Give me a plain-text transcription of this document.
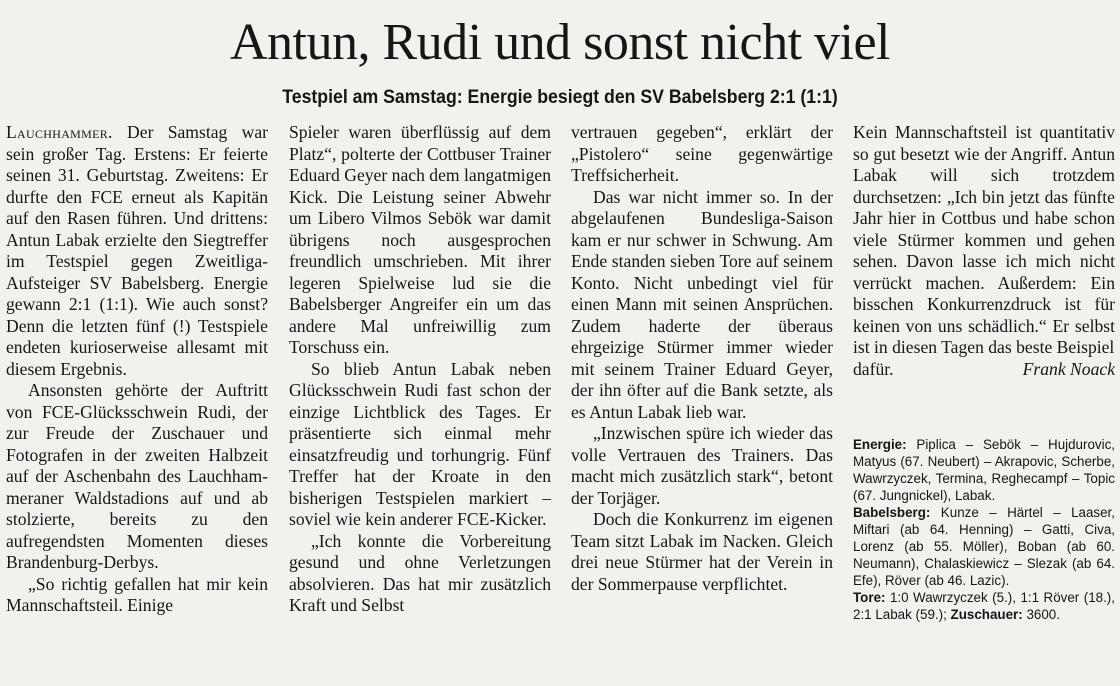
Antun, Rudi und sonst nicht viel
Testpiel am Samstag: Energie besiegt den SV Babelsberg 2:1 (1:1)

Lauchhammer. Der Samstag war sein großer Tag. Erstens: Er feierte seinen 31. Geburtstag. Zweitens: Er durfte den FCE erneut als Kapitän auf den Rasen führen. Und drittens: Antun Labak erzielte den Siegtreffer im Testspiel gegen Zweitliga-Aufsteiger SV Babelsberg. Energie gewann 2:1 (1:1). Wie auch sonst? Denn die letzten fünf (!) Testspiele endeten kurioserweise allesamt mit diesem Ergebnis.

Ansonsten gehörte der Auftritt von FCE-Glücksschwein Rudi, der zur Freude der Zuschauer und Fotografen in der zweiten Halbzeit auf der Aschenbahn des Lauchhammeraner Waldstadions auf und ab stolzierte, bereits zu den aufregendsten Momenten dieses Brandenburg-Derbys.

„So richtig gefallen hat mir kein Mannschaftsteil. Einige

Spieler waren überflüssig auf dem Platz“, polterte der Cottbuser Trainer Eduard Geyer nach dem langatmigen Kick. Die Leistung seiner Abwehr um Libero Vilmos Sebök war damit übrigens noch ausgesprochen freundlich umschrieben. Mit ihrer legeren Spielweise lud sie die Babelsberger Angreifer ein um das andere Mal unfreiwillig zum Torschuss ein.

So blieb Antun Labak neben Glücksschwein Rudi fast schon der einzige Lichtblick des Tages. Er präsentierte sich einmal mehr einsatzfreudig und torhungrig. Fünf Treffer hat der Kroate in den bisherigen Testspielen markiert – soviel wie kein anderer FCE-Kicker.

„Ich konnte die Vorbereitung gesund und ohne Verletzungen absolvieren. Das hat mir zusätzlich Kraft und Selbst

vertrauen gegeben“, erklärt der „Pistolero“ seine gegenwärtige Treffsicherheit.

Das war nicht immer so. In der abgelaufenen Bundesliga-Saison kam er nur schwer in Schwung. Am Ende standen sieben Tore auf seinem Konto. Nicht unbedingt viel für einen Mann mit seinen Ansprüchen. Zudem haderte der überaus ehrgeizige Stürmer immer wieder mit seinem Trainer Eduard Geyer, der ihn öfter auf die Bank setzte, als es Antun Labak lieb war.

„Inzwischen spüre ich wieder das volle Vertrauen des Trainers. Das macht mich zusätzlich stark“, betont der Torjäger.

Doch die Konkurrenz im eigenen Team sitzt Labak im Nacken. Gleich drei neue Stürmer hat der Verein in der Sommerpause verpflichtet.

Kein Mannschaftsteil ist quantitativ so gut besetzt wie der Angriff. Antun Labak will sich trotzdem durchsetzen: „Ich bin jetzt das fünfte Jahr hier in Cottbus und habe schon viele Stürmer kommen und gehen sehen. Davon lasse ich mich nicht verrückt machen. Außerdem: Ein bisschen Konkurrenzdruck ist für keinen von uns schädlich.“ Er selbst ist in diesen Tagen das beste Beispiel

dafür.	Frank Noack

Energie: Piplica – Sebök – Hujdurovic, Matyus (67. Neubert) – Akrapovic, Scherbe, Wawrzyczek, Termina, Reghecampf – Topic (67. Jungnickel), Labak.

Babelsberg: Kunze – Härtel – Laaser, Miftari (ab 64. Henning) – Gatti, Civa, Lorenz (ab 55. Möller), Boban (ab 60. Neumann), Chalaskiewicz – Slezak (ab 64. Efe), Röver (ab 46. Lazic).

Tore: 1:0 Wawrzyczek (5.), 1:1 Röver (18.), 2:1 Labak (59.); Zuschauer: 3600.
